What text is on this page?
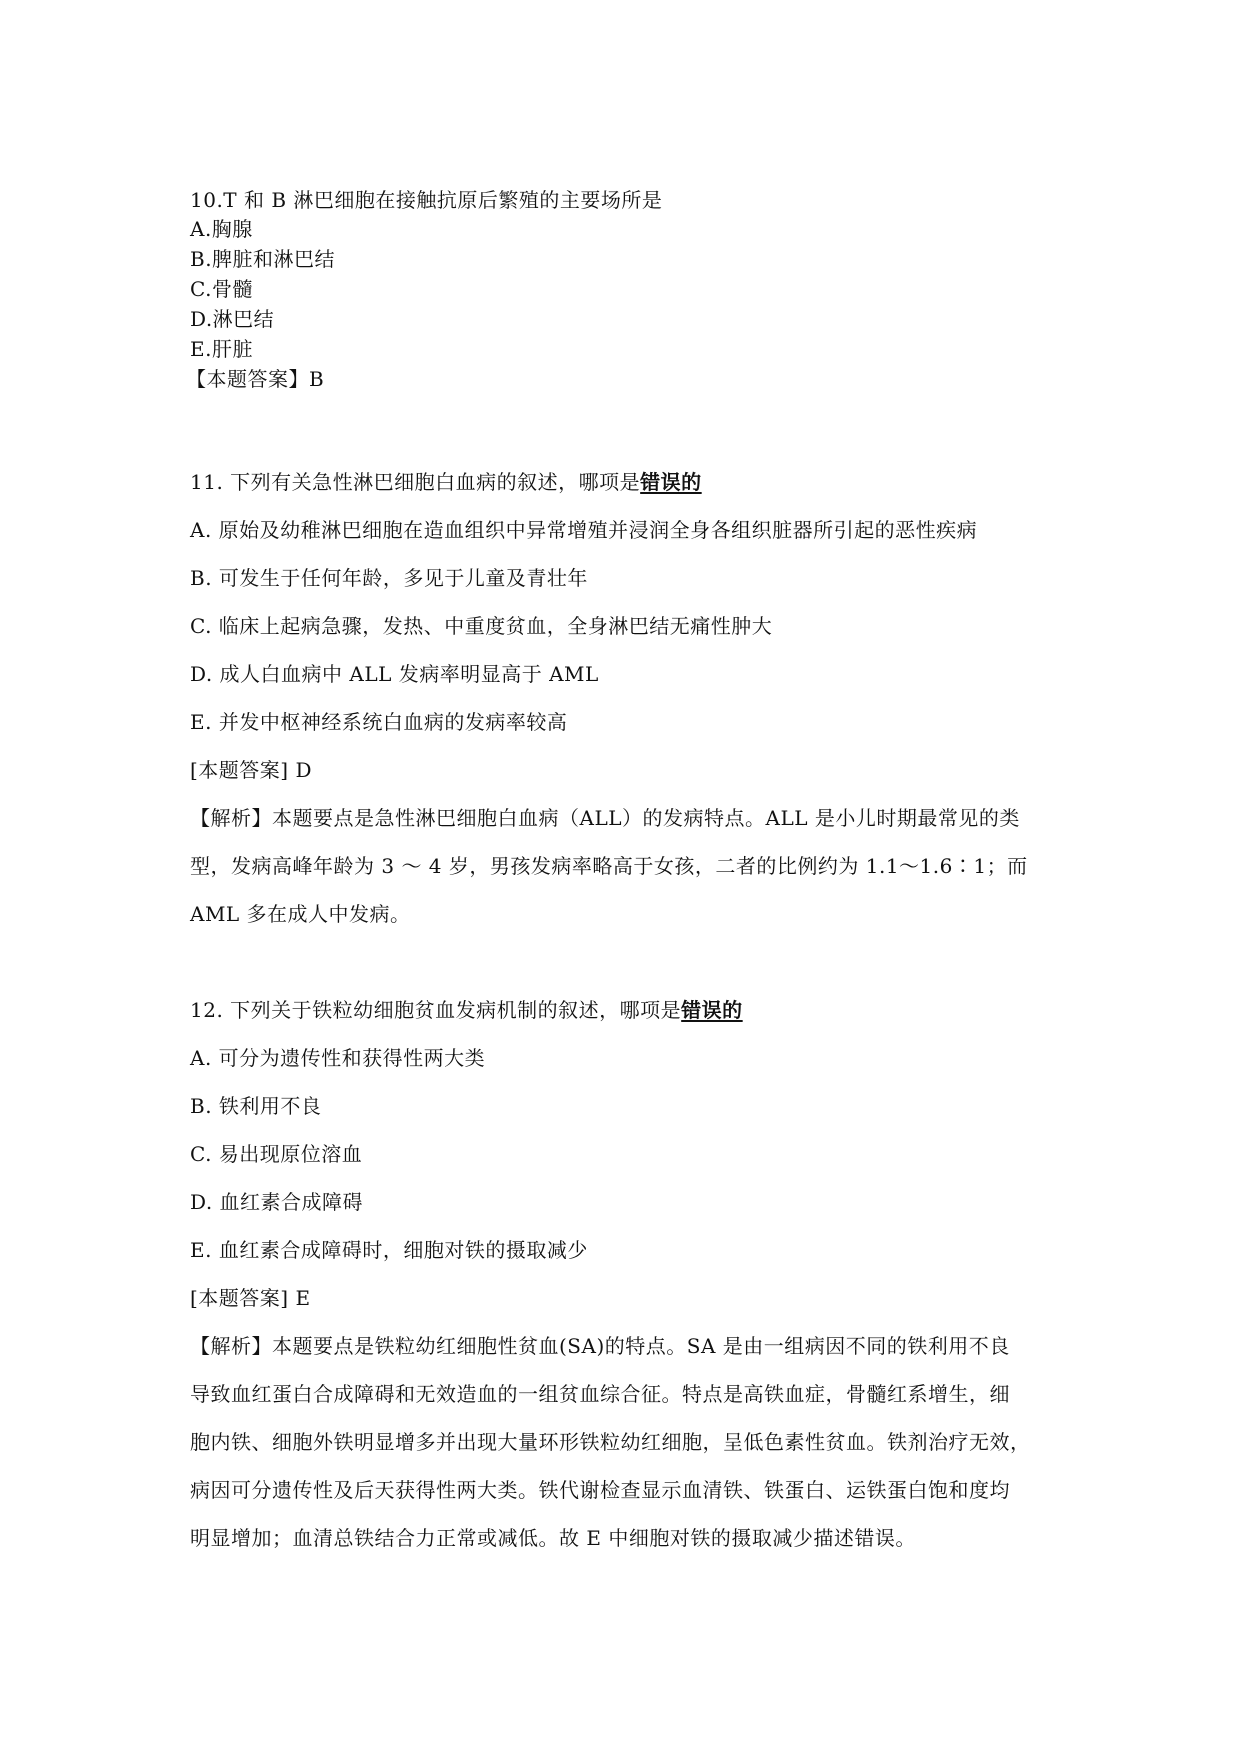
10.T 和 B 淋巴细胞在接触抗原后繁殖的主要场所是
A.胸腺
B.脾脏和淋巴结
C.骨髓
D.淋巴结
E.肝脏
【本题答案】B
11. 下列有关急性淋巴细胞白血病的叙述，哪项是错误的
A. 原始及幼稚淋巴细胞在造血组织中异常增殖并浸润全身各组织脏器所引起的恶性疾病
B. 可发生于任何年龄，多见于儿童及青壮年
C. 临床上起病急骤，发热、中重度贫血，全身淋巴结无痛性肿大
D. 成人白血病中 ALL 发病率明显高于 AML
E. 并发中枢神经系统白血病的发病率较高
[本题答案] D
【解析】本题要点是急性淋巴细胞白血病（ALL）的发病特点。ALL 是小儿时期最常见的类
型，发病高峰年龄为 3 ～ 4 岁，男孩发病率略高于女孩，二者的比例约为 1.1～1.6∶1；而
AML 多在成人中发病。
12. 下列关于铁粒幼细胞贫血发病机制的叙述，哪项是错误的
A. 可分为遗传性和获得性两大类
B. 铁利用不良
C. 易出现原位溶血
D. 血红素合成障碍
E. 血红素合成障碍时，细胞对铁的摄取减少
[本题答案] E
【解析】本题要点是铁粒幼红细胞性贫血(SA)的特点。SA 是由一组病因不同的铁利用不良
导致血红蛋白合成障碍和无效造血的一组贫血综合征。特点是高铁血症，骨髓红系增生，细
胞内铁、细胞外铁明显增多并出现大量环形铁粒幼红细胞，呈低色素性贫血。铁剂治疗无效，
病因可分遗传性及后天获得性两大类。铁代谢检查显示血清铁、铁蛋白、运铁蛋白饱和度均
明显增加；血清总铁结合力正常或减低。故 E 中细胞对铁的摄取减少描述错误。
